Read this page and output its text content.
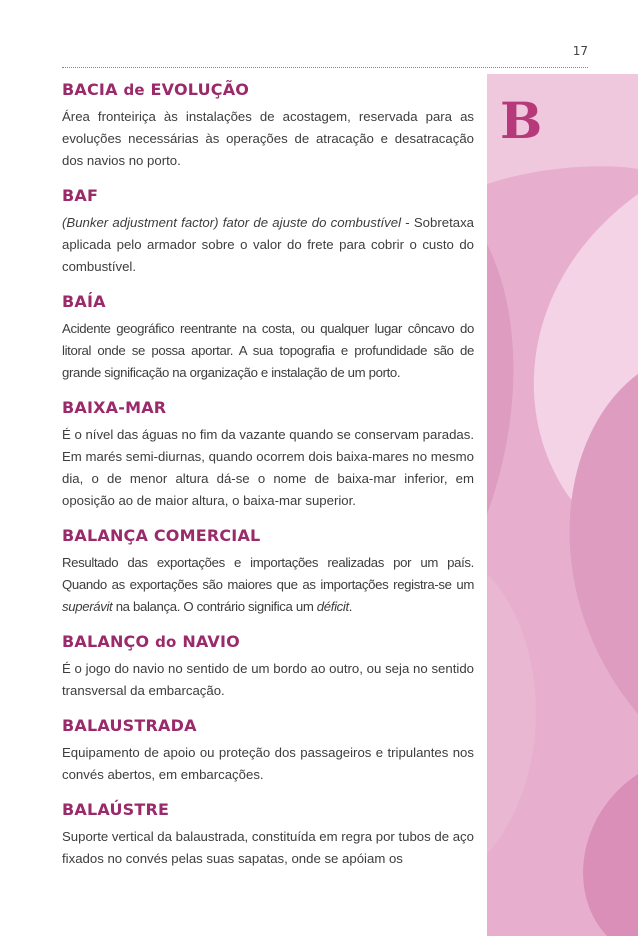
17
B
BACIA de EVOLUÇÃO

Área fronteiriça às instalações de acostagem, reservada para as evoluções necessárias às operações de atracação e desatracação dos navios no porto.

BAF

(Bunker adjustment factor) fator de ajuste do combustível - Sobretaxa aplicada pelo armador sobre o valor do frete para cobrir o custo do combustível.

BAÍA

Acidente geográfico reentrante na costa, ou qualquer lugar côncavo do litoral onde se possa aportar. A sua topografia e profundidade são de grande significação na organização e instalação de um porto.

BAIXA-MAR

É o nível das águas no fim da vazante quando se conservam paradas. Em marés semi-diurnas, quando ocorrem dois baixa-mares no mesmo dia, o de menor altura dá-se o nome de baixa-mar inferior, em oposição ao de maior altura, o baixa-mar superior.

BALANÇA COMERCIAL

Resultado das exportações e importações realizadas por um país. Quando as exportações são maiores que as importações registra-se um superávit na balança. O contrário significa um déficit.

BALANÇO do NAVIO

É o jogo do navio no sentido de um bordo ao outro, ou seja no sentido transversal da embarcação.

BALAUSTRADA

Equipamento de apoio ou proteção dos passageiros e tripulantes nos convés abertos, em embarcações.

BALAÚSTRE

Suporte vertical da balaustrada, constituída em regra por tubos de aço fixados no convés pelas suas sapatas, onde se apóiam os
